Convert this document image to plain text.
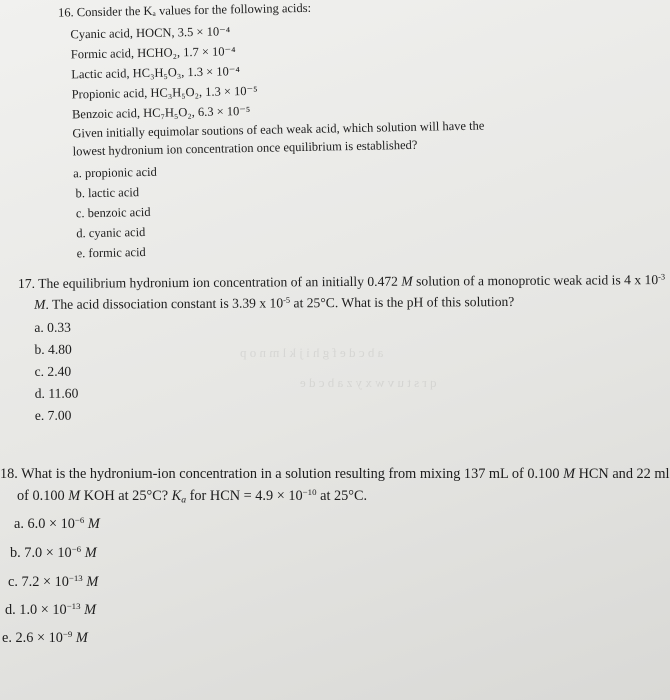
a b c d e f g h i j k l m n o p
q r s t u v w x y z a b c d e
16. Consider the Kₐ values for the following acids:
Cyanic acid, HOCN, 3.5 × 10⁻⁴
Formic acid, HCHO₂, 1.7 × 10⁻⁴
Lactic acid, HC₃H₅O₃, 1.3 × 10⁻⁴
Propionic acid, HC₃H₅O₂, 1.3 × 10⁻⁵
Benzoic acid, HC₇H₅O₂, 6.3 × 10⁻⁵
Given initially equimolar soutions of each weak acid, which solution will have the
lowest hydronium ion concentration once equilibrium is established?
a. propionic acid
b. lactic acid
c. benzoic acid
d. cyanic acid
e. formic acid
17. The equilibrium hydronium ion concentration of an initially 0.472 M solution of a monoprotic weak acid is 4 x $10^{-3}$
M. The acid dissociation constant is 3.39 x $10^{-5}$ at 25°C. What is the pH of this solution?
a. 0.33
b. 4.80
c. 2.40
d. 11.60
e. 7.00
18. What is the hydronium-ion concentration in a solution resulting from mixing 137 mL of 0.100 M HCN and 22 ml
of 0.100 M KOH at 25°C? $K_a$ for HCN = $4.9 \times 10^{-10}$ at 25°C.
a. $6.0 \times 10^{-6}$ M
b. $7.0 \times 10^{-6}$ M
c. $7.2 \times 10^{-13}$ M
d. $1.0 \times 10^{-13}$ M
e. $2.6 \times 10^{-9}$ M
